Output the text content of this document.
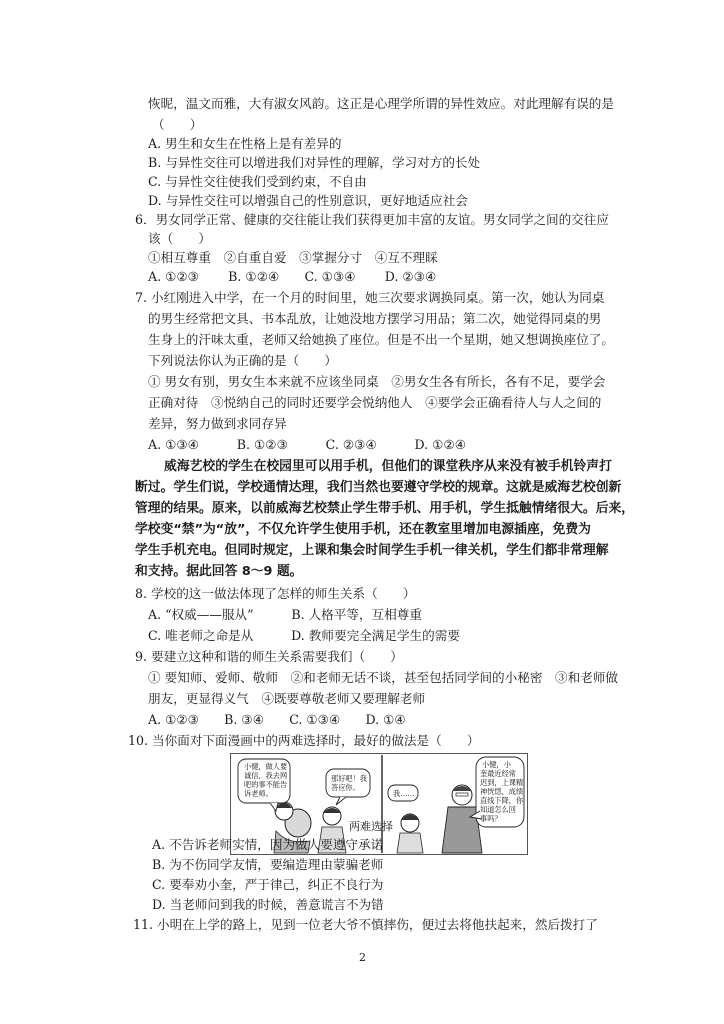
恢昵，温文而雅，大有淑女风韵。这正是心理学所谓的异性效应。对此理解有误的是
（　　）
A. 男生和女生在性格上是有差异的
B. 与异性交往可以增进我们对异性的理解，学习对方的长处
C. 与异性交往使我们受到约束，不自由
D. 与异性交往可以增强自己的性别意识，更好地适应社会
6．男女同学正常、健康的交往能让我们获得更加丰富的友谊。男女同学之间的交往应
该（　　）
①相互尊重　②自重自爱　③掌握分寸　④互不理睬
A. ①②③　　 B. ①②④　　C. ①③④　　 D. ②③④
7. 小红刚进入中学，在一个月的时间里，她三次要求调换同桌。第一次，她认为同桌
的男生经常把文具、书本乱放，让她没地方摆学习用品；第二次，她觉得同桌的男
生身上的汗味太重，老师又给她换了座位。但是不出一个星期，她又想调换座位了。
下列说法你认为正确的是（　　）
① 男女有别，男女生本来就不应该坐同桌　②男女生各有所长，各有不足，要学会
正确对待　③悦纳自己的同时还要学会悦纳他人　④要学会正确看待人与人之间的
差异，努力做到求同存异
A. ①③④　　　B. ①②③　　　C. ②③④　　　D. ①②④
威海艺校的学生在校园里可以用手机，但他们的课堂秩序从来没有被手机铃声打
断过。学生们说，学校通情达理，我们当然也要遵守学校的规章。这就是威海艺校创新
管理的结果。原来，以前威海艺校禁止学生带手机、用手机，学生抵触情绪很大。后来，
学校变“禁”为“放”，不仅允许学生使用手机，还在教室里增加电源插座，免费为
学生手机充电。但同时规定，上课和集会时间学生手机一律关机，学生们都非常理解
和支持。据此回答 8～9 题。
8. 学校的这一做法体现了怎样的师生关系（　　）
A. “权威——服从”　　　B. 人格平等，互相尊重
C. 唯老师之命是从　　　D. 教师要完全满足学生的需要
9. 要建立这种和谐的师生关系需要我们（　　）
① 要知师、爱师、敬师　②和老师无话不谈，甚至包括同学间的小秘密　③和老师做
朋友，更显得义气　④既要尊敬老师又要理解老师
A. ①②③　　B. ③④　　C. ①③④　　D. ①④
10. 当你面对下面漫画中的两难选择时，最好的做法是（　　）
小健，做人要
诚信，我去网
吧的事不能告
诉老师。
那好吧！我
答应你。
我……
小健，小
奎最近经常
迟到，上课精
神恍惚，成绩
直线下降，你
知道怎么回
事吗？
两难选择
A. 不告诉老师实情，因为做人要遵守承诺
B. 为不伤同学友情，要编造理由蒙骗老师
C. 要奉劝小奎，严于律己，纠正不良行为
D. 当老师问到我的时候，善意谎言不为错
11. 小明在上学的路上，见到一位老大爷不慎摔伤，便过去将他扶起来，然后拨打了
2
